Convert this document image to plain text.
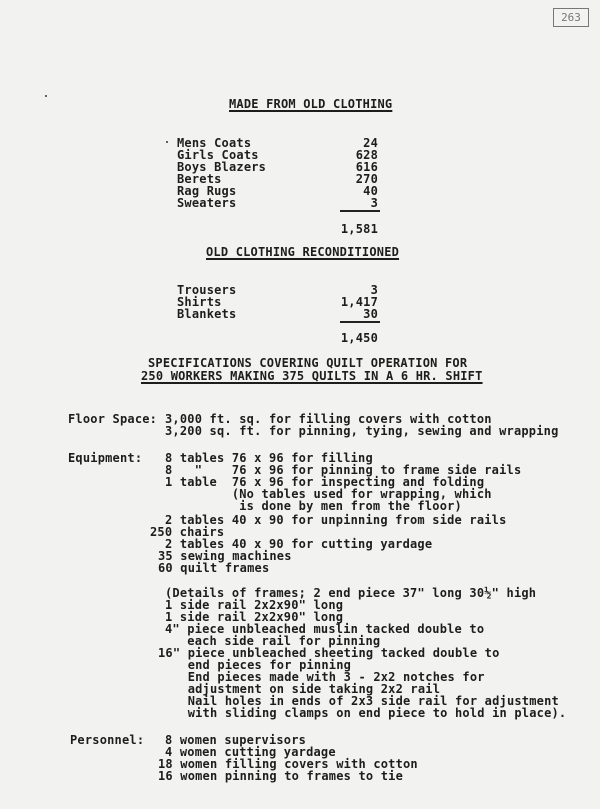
263
MADE FROM OLD CLOTHING
Mens Coats	24
Girls Coats	628
Boys Blazers	616
Berets	270
Rag Rugs	40
Sweaters	3
1,581
OLD CLOTHING RECONDITIONED
Trousers	3
Shirts	1,417
Blankets	30
1,450
SPECIFICATIONS COVERING QUILT OPERATION FOR
250 WORKERS MAKING 375 QUILTS IN A 6 HR. SHIFT
Floor Space: 3,000 ft. sq. for filling covers with cotton
3,200 sq. ft. for pinning, tying, sewing and wrapping
Equipment: 8 tables 76 x 96 for filling
8   "    76 x 96 for pinning to frame side rails
1 table  76 x 96 for inspecting and folding
(No tables used for wrapping, which
is done by men from the floor)
2 tables 40 x 90 for unpinning from side rails
250 chairs
2 tables 40 x 90 for cutting yardage
35 sewing machines
60 quilt frames
(Details of frames; 2 end piece 37" long 30½" high
1 side rail 2x2x90" long
1 side rail 2x2x90" long
4" piece unbleached muslin tacked double to
each side rail for pinning
16" piece unbleached sheeting tacked double to
end pieces for pinning
End pieces made with 3 - 2x2 notches for
adjustment on side taking 2x2 rail
Nail holes in ends of 2x3 side rail for adjustment
with sliding clamps on end piece to hold in place).
Personnel: 8 women supervisors
4 women cutting yardage
18 women filling covers with cotton
16 women pinning to frames to tie
